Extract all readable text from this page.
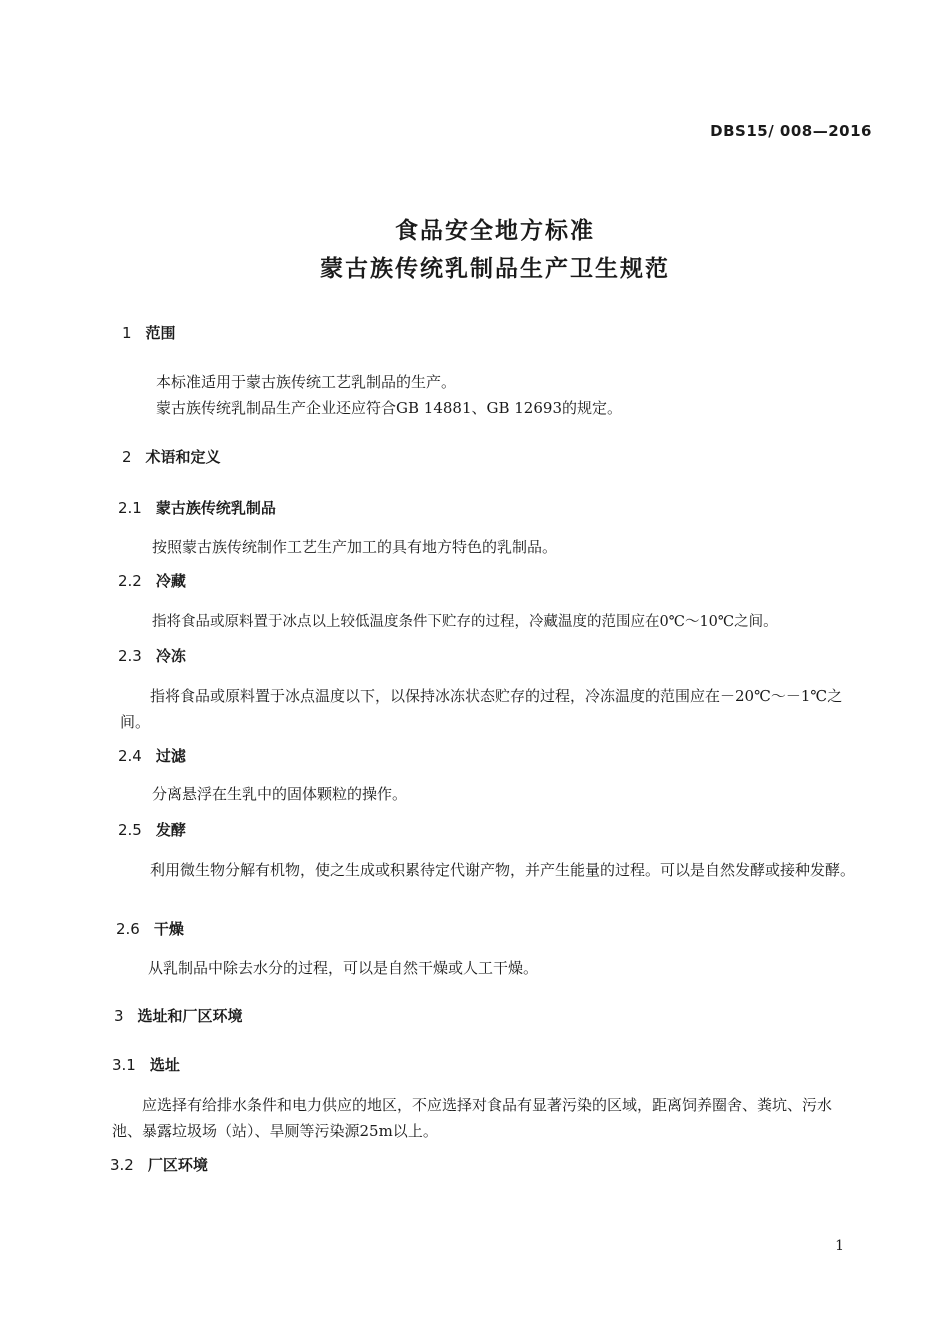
DBS15/ 008—2016
食品安全地方标准
蒙古族传统乳制品生产卫生规范
1 范围
本标准适用于蒙古族传统工艺乳制品的生产。
蒙古族传统乳制品生产企业还应符合GB 14881、GB 12693的规定。
2 术语和定义
2.1 蒙古族传统乳制品
按照蒙古族传统制作工艺生产加工的具有地方特色的乳制品。
2.2 冷藏
指将食品或原料置于冰点以上较低温度条件下贮存的过程，冷藏温度的范围应在0℃～10℃之间。
2.3 冷冻
指将食品或原料置于冰点温度以下，以保持冰冻状态贮存的过程，冷冻温度的范围应在－20℃～－1℃之间。
2.4 过滤
分离悬浮在生乳中的固体颗粒的操作。
2.5 发酵
利用微生物分解有机物，使之生成或积累待定代谢产物，并产生能量的过程。可以是自然发酵或接种发酵。
2.6 干燥
从乳制品中除去水分的过程，可以是自然干燥或人工干燥。
3 选址和厂区环境
3.1 选址
应选择有给排水条件和电力供应的地区，不应选择对食品有显著污染的区域，距离饲养圈舍、粪坑、污水池、暴露垃圾场（站）、旱厕等污染源25m以上。
3.2 厂区环境
1
